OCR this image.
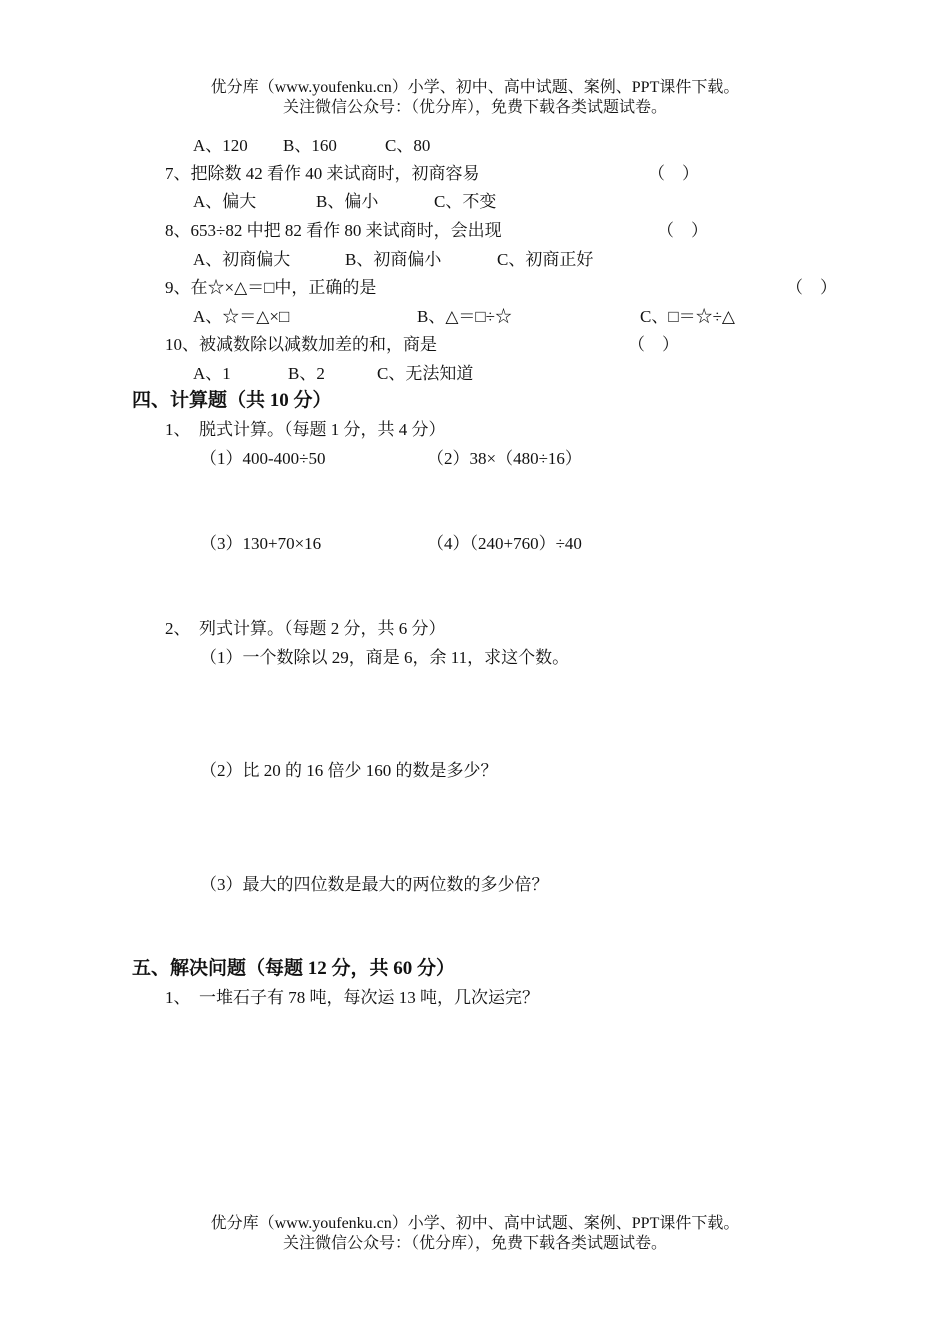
优分库（www.youfenku.cn）小学、初中、高中试题、案例、PPT课件下载。
关注微信公众号：（优分库），免费下载各类试题试卷。
A、120 B、160	C、80
7、把除数 42 看作 40 来试商时，初商容易	（　）
A、偏大	B、偏小	C、不变
8、653÷82 中把 82 看作 80 来试商时，会出现	（　）
A、初商偏大	B、初商偏小	C、初商正好
9、在☆×△＝□中，正确的是	（　）
A、☆＝△×□	B、△＝□÷☆	C、□＝☆÷△
10、被减数除以减数加差的和，商是	（　）
A、1	B、2	C、无法知道
四、计算题（共 10 分）
1、　脱式计算。（每题 1 分，共 4 分）
（1）400-400÷50	（2）38×（480÷16）
（3）130+70×16	（4）（240+760）÷40
2、　列式计算。（每题 2 分，共 6 分）
（1）一个数除以 29，商是 6，余 11，求这个数。
（2）比 20 的 16 倍少 160 的数是多少？
（3）最大的四位数是最大的两位数的多少倍？
五、解决问题（每题 12 分，共 60 分）
1、　一堆石子有 78 吨，每次运 13 吨，几次运完？
优分库（www.youfenku.cn）小学、初中、高中试题、案例、PPT课件下载。
关注微信公众号：（优分库），免费下载各类试题试卷。
